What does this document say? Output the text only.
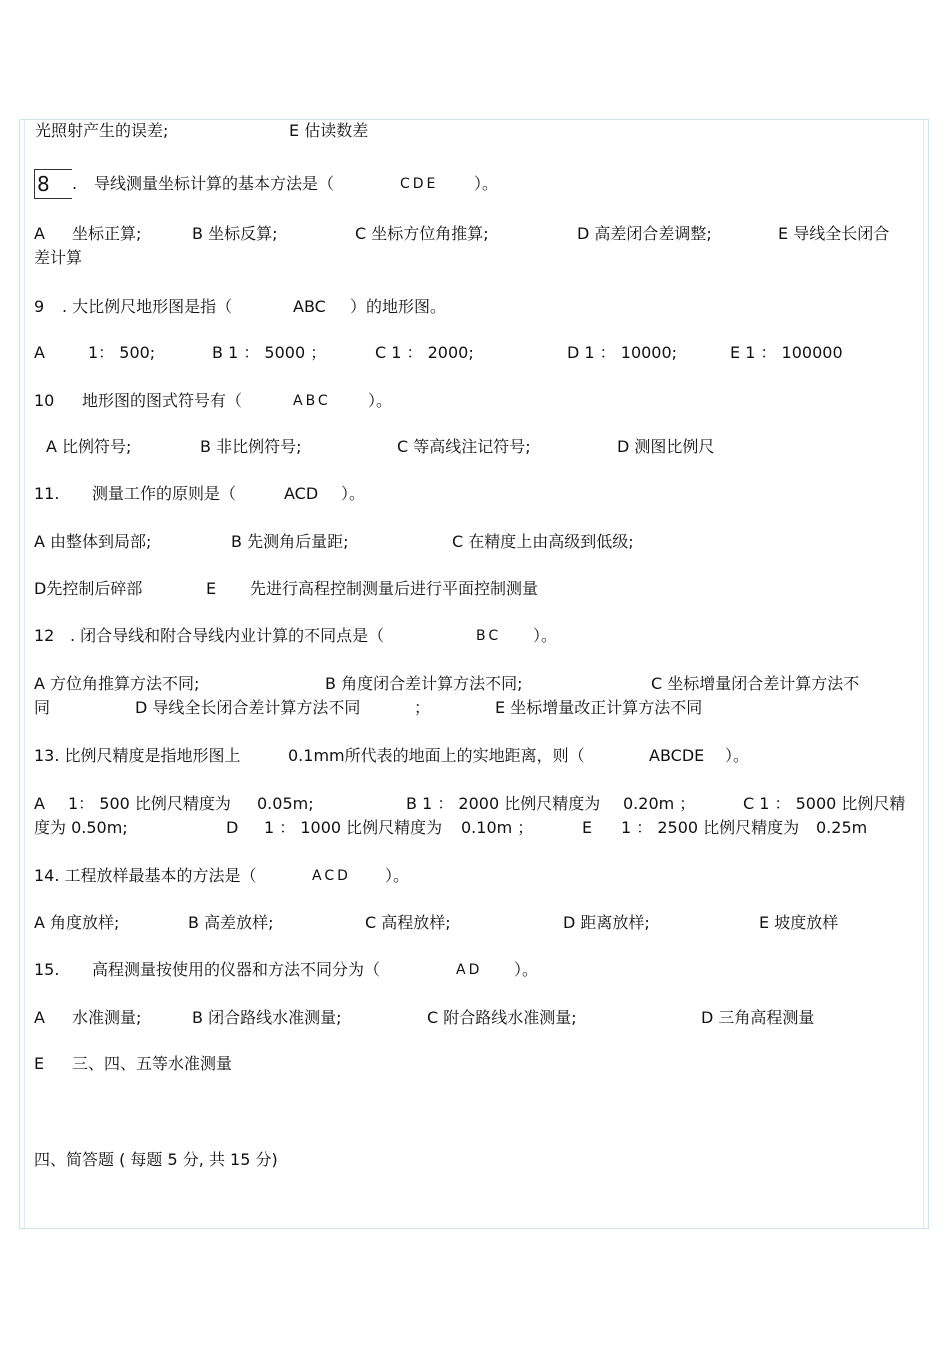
光照射产生的误差;	E 估读数差
8	. 导线测量坐标计算的基本方法是（	CDE ）。
A 坐标正算;	B 坐标反算;	C 坐标方位角推算;	D 高差闭合差调整;	E 导线全长闭合
差计算
9 . 大比例尺地形图是指（	ABC ）的地形图。
A	1： 500;	B 1 ： 5000 ；	C 1 ： 2000;	D 1 ： 10000;	E 1 ： 100000
10 地形图的图式符号有（	ABC ）。
A 比例符号;	B 非比例符号;	C 等高线注记符号;	D 测图比例尺
11. 测量工作的原则是（	ACD ）。
A 由整体到局部;	B 先测角后量距;	C 在精度上由高级到低级;
D先控制后碎部	E 先进行高程控制测量后进行平面控制测量
12 . 闭合导线和附合导线内业计算的不同点是（	BC ）。
A 方位角推算方法不同;	B 角度闭合差计算方法不同;	C 坐标增量闭合差计算方法不
同	D 导线全长闭合差计算方法不同	；	E 坐标增量改正计算方法不同
13. 比例尺精度是指地形图上	0.1mm所代表的地面上的实地距离，则（	ABCDE ）。
A 1： 500 比例尺精度为 0.05m;	B 1 ： 2000 比例尺精度为 0.20m ；	C 1 ： 5000 比例尺精
度为 0.50m;	D 1 ： 1000 比例尺精度为 0.10m ；	E 1 ： 2500 比例尺精度为 0.25m
14. 工程放样最基本的方法是（	ACD ）。
A 角度放样;	B 高差放样;	C 高程放样;	D 距离放样;	E 坡度放样
15. 高程测量按使用的仪器和方法不同分为（	AD ）。
A 水准测量;	B 闭合路线水准测量;	C 附合路线水准测量;	D 三角高程测量
E 三、四、五等水准测量
四、简答题 ( 每题 5 分, 共 15 分)
